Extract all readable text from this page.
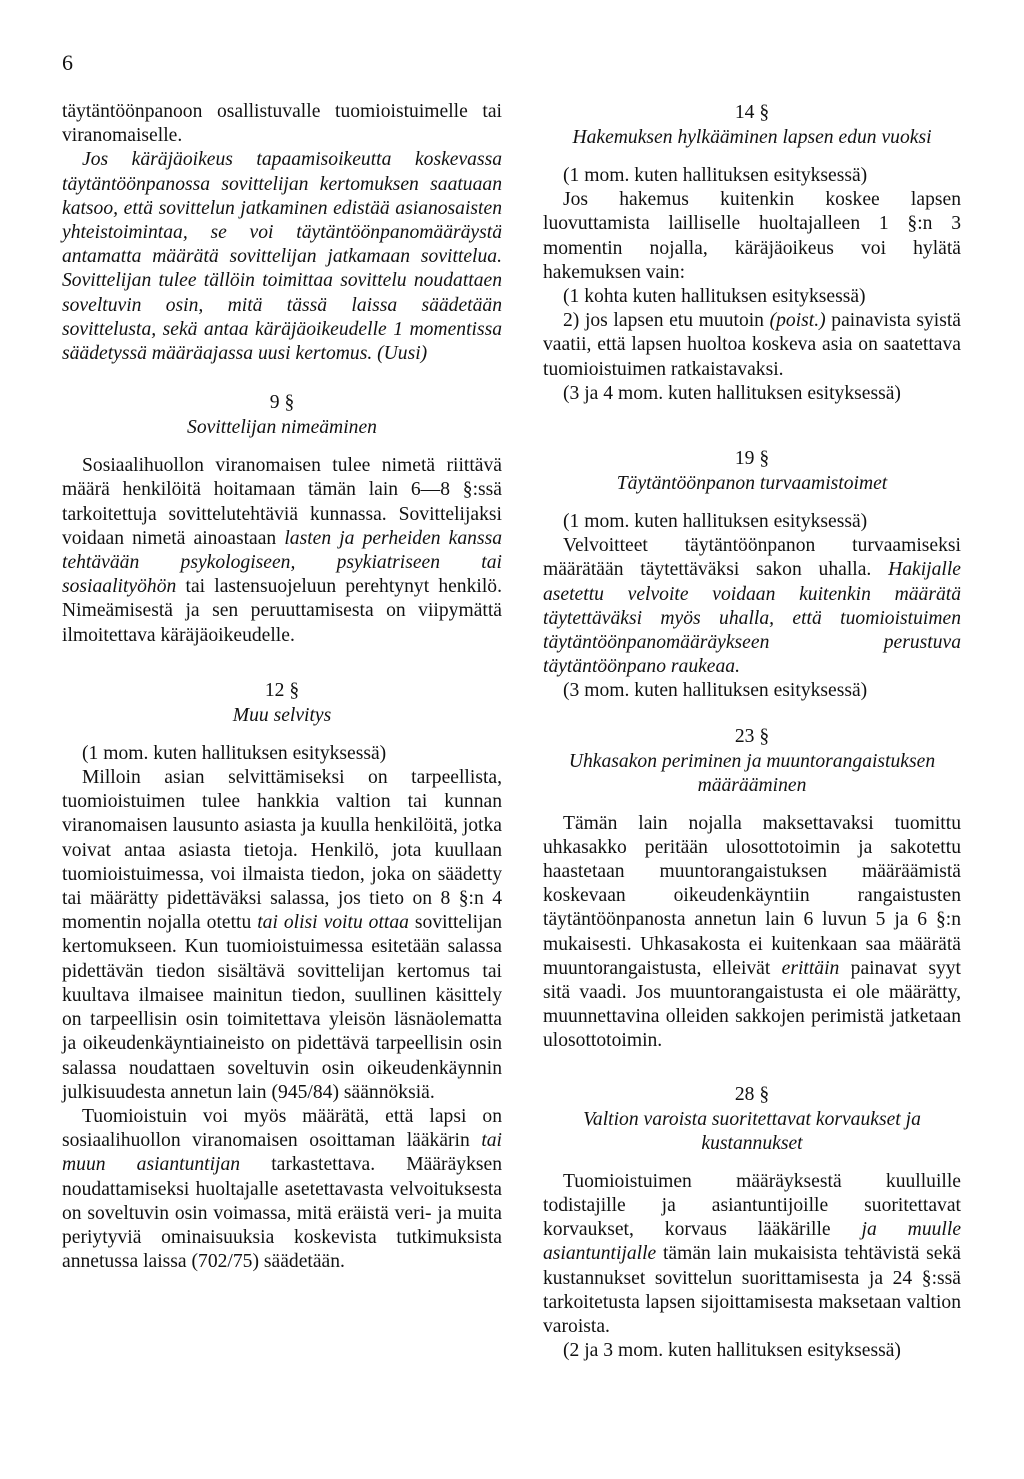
6

täytäntöönpanoon osallistuvalle tuomioistuimelle tai viranomaiselle.

Jos käräjäoikeus tapaamisoikeutta koskevassa täytäntöönpanossa sovittelijan kertomuksen saatuaan katsoo, että sovittelun jatkaminen edistää asianosaisten yhteistoimintaa, se voi täytäntöönpanomääräystä antamatta määrätä sovittelijan jatkamaan sovittelua. Sovittelijan tulee tällöin toimittaa sovittelu noudattaen soveltuvin osin, mitä tässä laissa säädetään sovittelusta, sekä antaa käräjäoikeudelle 1 momentissa säädetyssä määräajassa uusi kertomus. (Uusi)

9 §
Sovittelijan nimeäminen

Sosiaalihuollon viranomaisen tulee nimetä riittävä määrä henkilöitä hoitamaan tämän lain 6—8 §:ssä tarkoitettuja sovittelutehtäviä kunnassa. Sovittelijaksi voidaan nimetä ainoastaan lasten ja perheiden kanssa tehtävään psykologiseen, psykiatriseen tai sosiaalityöhön tai lastensuojeluun perehtynyt henkilö. Nimeämisestä ja sen peruuttamisesta on viipymättä ilmoitettava käräjäoikeudelle.

12 §
Muu selvitys

(1 mom. kuten hallituksen esityksessä)

Milloin asian selvittämiseksi on tarpeellista, tuomioistuimen tulee hankkia valtion tai kunnan viranomaisen lausunto asiasta ja kuulla henkilöitä, jotka voivat antaa asiasta tietoja. Henkilö, jota kuullaan tuomioistuimessa, voi ilmaista tiedon, joka on säädetty tai määrätty pidettäväksi salassa, jos tieto on 8 §:n 4 momentin nojalla otettu tai olisi voitu ottaa sovittelijan kertomukseen. Kun tuomioistuimessa esitetään salassa pidettävän tiedon sisältävä sovittelijan kertomus tai kuultava ilmaisee mainitun tiedon, suullinen käsittely on tarpeellisin osin toimitettava yleisön läsnäolematta ja oikeudenkäyntiaineisto on pidettävä tarpeellisin osin salassa noudattaen soveltuvin osin oikeudenkäynnin julkisuudesta annetun lain (945/84) säännöksiä.

Tuomioistuin voi myös määrätä, että lapsi on sosiaalihuollon viranomaisen osoittaman lääkärin tai muun asiantuntijan tarkastettava. Määräyksen noudattamiseksi huoltajalle asetettavasta velvoituksesta on soveltuvin osin voimassa, mitä eräistä veri- ja muita periytyviä ominaisuuksia koskevista tutkimuksista annetussa laissa (702/75) säädetään.

14 §
Hakemuksen hylkääminen lapsen edun vuoksi

(1 mom. kuten hallituksen esityksessä)

Jos hakemus kuitenkin koskee lapsen luovuttamista lailliselle huoltajalleen 1 §:n 3 momentin nojalla, käräjäoikeus voi hylätä hakemuksen vain:

(1 kohta kuten hallituksen esityksessä)

2) jos lapsen etu muutoin (poist.) painavista syistä vaatii, että lapsen huoltoa koskeva asia on saatettava tuomioistuimen ratkaistavaksi.

(3 ja 4 mom. kuten hallituksen esityksessä)

19 §
Täytäntöönpanon turvaamistoimet

(1 mom. kuten hallituksen esityksessä)

Velvoitteet täytäntöönpanon turvaamiseksi määrätään täytettäväksi sakon uhalla. Hakijalle asetettu velvoite voidaan kuitenkin määrätä täytettäväksi myös uhalla, että tuomioistuimen täytäntöönpanomääräykseen perustuva täytäntöönpano raukeaa.

(3 mom. kuten hallituksen esityksessä)

23 §
Uhkasakon periminen ja muuntorangaistuksen määrääminen

Tämän lain nojalla maksettavaksi tuomittu uhkasakko peritään ulosottotoimin ja sakotettu haastetaan muuntorangaistuksen määräämistä koskevaan oikeudenkäyntiin rangaistusten täytäntöönpanosta annetun lain 6 luvun 5 ja 6 §:n mukaisesti. Uhkasakosta ei kuitenkaan saa määrätä muuntorangaistusta, elleivät erittäin painavat syyt sitä vaadi. Jos muuntorangaistusta ei ole määrätty, muunnettavina olleiden sakkojen perimistä jatketaan ulosottotoimin.

28 §
Valtion varoista suoritettavat korvaukset ja kustannukset

Tuomioistuimen määräyksestä kuulluille todistajille ja asiantuntijoille suoritettavat korvaukset, korvaus lääkärille ja muulle asiantuntijalle tämän lain mukaisista tehtävistä sekä kustannukset sovittelun suorittamisesta ja 24 §:ssä tarkoitetusta lapsen sijoittamisesta maksetaan valtion varoista.

(2 ja 3 mom. kuten hallituksen esityksessä)
